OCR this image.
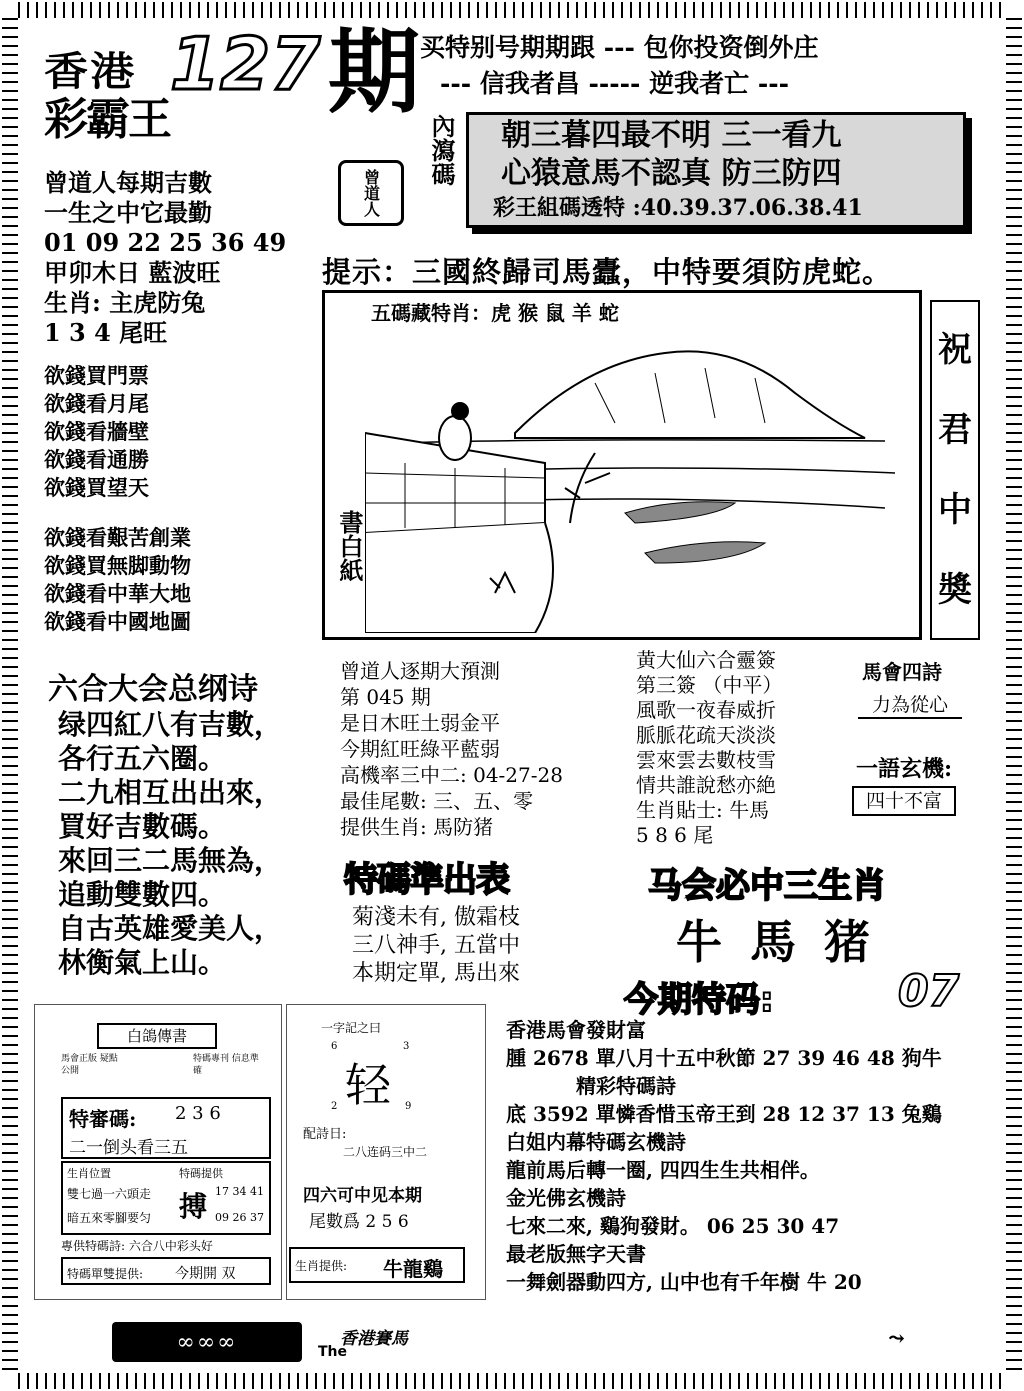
香港 127 期
彩霸王
买特别号期期跟 --- 包你投资倒外庄
--- 信我者昌 ----- 逆我者亡 ---
曾道人每期吉數
一生之中它最勤
01 09 22 25 36 49
甲卯木日 藍波旺
生肖: 主虎防兔
1 3 4 尾旺
欲錢買門票
欲錢看月尾
欲錢看牆壁
欲錢看通勝
欲錢買望天
欲錢看艱苦創業
欲錢買無脚動物
欲錢看中華大地
欲錢看中國地圖
曾道人
內瀉碼	朝三暮四最不明 三一看九
心猿意馬不認真 防三防四
彩王組碼透特 :40.39.37.06.38.41
提示：三國終歸司馬蠹，中特要須防虎蛇。
五碼藏特肖：虎 猴 鼠 羊 蛇
書白紙
祝
君
中
奬
六合大会总纲诗
绿四紅八有吉數，
各行五六圈。
二九相互出出來，
買好吉數碼。
來回三二馬無為，
追動雙數四。
自古英雄愛美人，
林衡氣上山。
曾道人逐期大預測
第 045 期
是日木旺土弱金平
今期紅旺綠平藍弱
高機率三中二: 04-27-28
最佳尾數: 三、五、零
提供生肖: 馬防猪
黄大仙六合靈簽
第三簽 （中平）
風歌一夜春威折
脈脈花疏天淡淡
雲來雲去數枝雪
情共誰說愁亦絶
生肖貼士: 牛馬
5 8 6 尾
馬會四詩
力為從心
一語玄機:
四十不富
特碼準出表
菊淺未有, 傲霜枝
三八神手, 五當中
本期定單, 馬出來
马会必中三生肖
牛 馬 猪
今期特码:	07
白鴿傳書
馬會正版 疑點公開
特碼專刊 信息準確
特審碼: 2 3 6
二一倒头看三五
生肖位置
雙七過一六頭走
暗五來零腳要匀
特碼提供
搏 17 34 41
09 26 37
專供特碼詩: 六合八中彩头好
特碼單雙提供: 今期開 双
一字記之曰
6	3
轻
2	9
配詩日:
二八连码三中二
四六可中见本期
尾數爲 2 5 6
生肖提供: 牛龍鷄
香港馬會發財富
腫 2678 單八月十五中秋節 27 39 46 48 狗牛
精彩特碼詩
底 3592 單憐香惜玉帝王到 28 12 37 13 兔鷄
白姐内幕特碼玄機詩
龍前馬后轉一圈, 四四生生共相伴。
金光佛玄機詩
七來二來, 鷄狗發財。 06 25 30 47
最老版無字天書
一舞劍器動四方, 山中也有千年樹 牛 20
∞∞∞	香港賽馬
The
⤳
